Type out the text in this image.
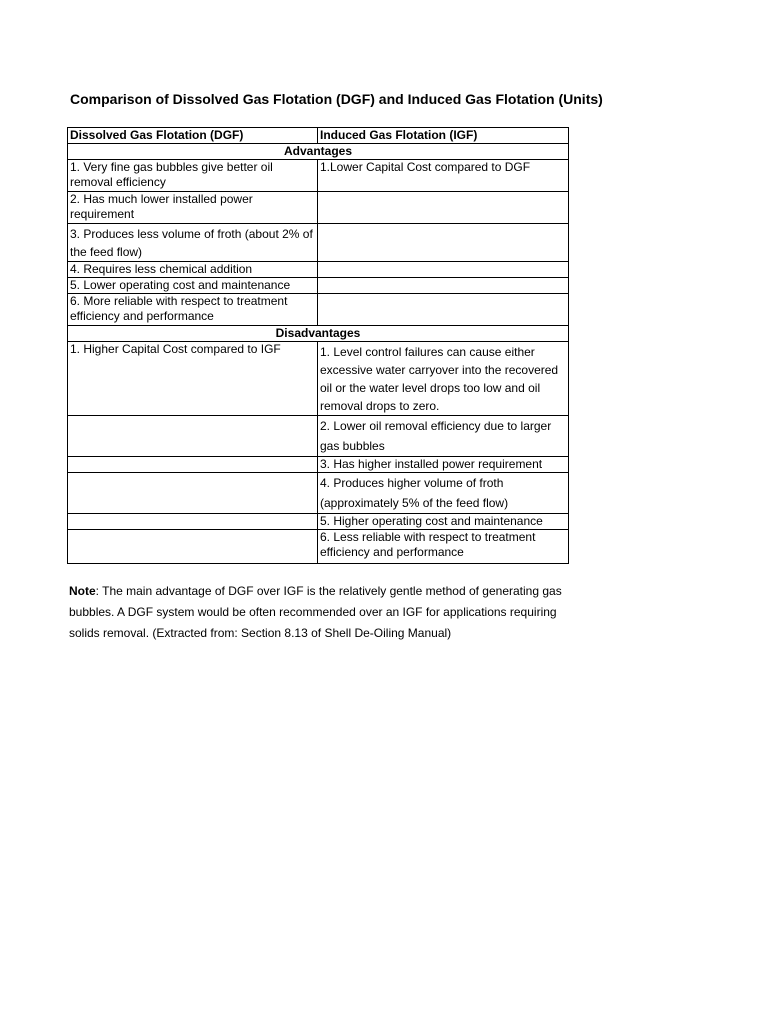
Comparison of Dissolved Gas Flotation (DGF) and Induced Gas Flotation (Units)
Dissolved Gas Flotation (DGF)	Induced Gas Flotation (IGF)
Advantages	
1. Very fine gas bubbles give better oil removal efficiency	1.Lower Capital Cost compared to DGF
2. Has much lower installed power requirement	
3. Produces less volume of froth (about 2% of the feed flow)	
4. Requires less chemical addition	
5. Lower operating cost and maintenance	
6. More reliable with respect to treatment efficiency and performance	
Disadvantages	
1. Higher Capital Cost compared to IGF	1. Level control failures can cause either excessive water carryover into the recovered oil or the water level drops too low and oil removal drops to zero.
	2. Lower oil removal efficiency due to larger gas bubbles
	3. Has higher installed power requirement
	4. Produces higher volume of froth (approximately 5% of the feed flow)
	5. Higher operating cost and maintenance
	6. Less reliable with respect to treatment efficiency and performance
Note: The main advantage of DGF over IGF is the relatively gentle method of generating gas bubbles. A DGF system would be often recommended over an IGF for applications requiring solids removal. (Extracted from: Section 8.13 of Shell De-Oiling Manual)
